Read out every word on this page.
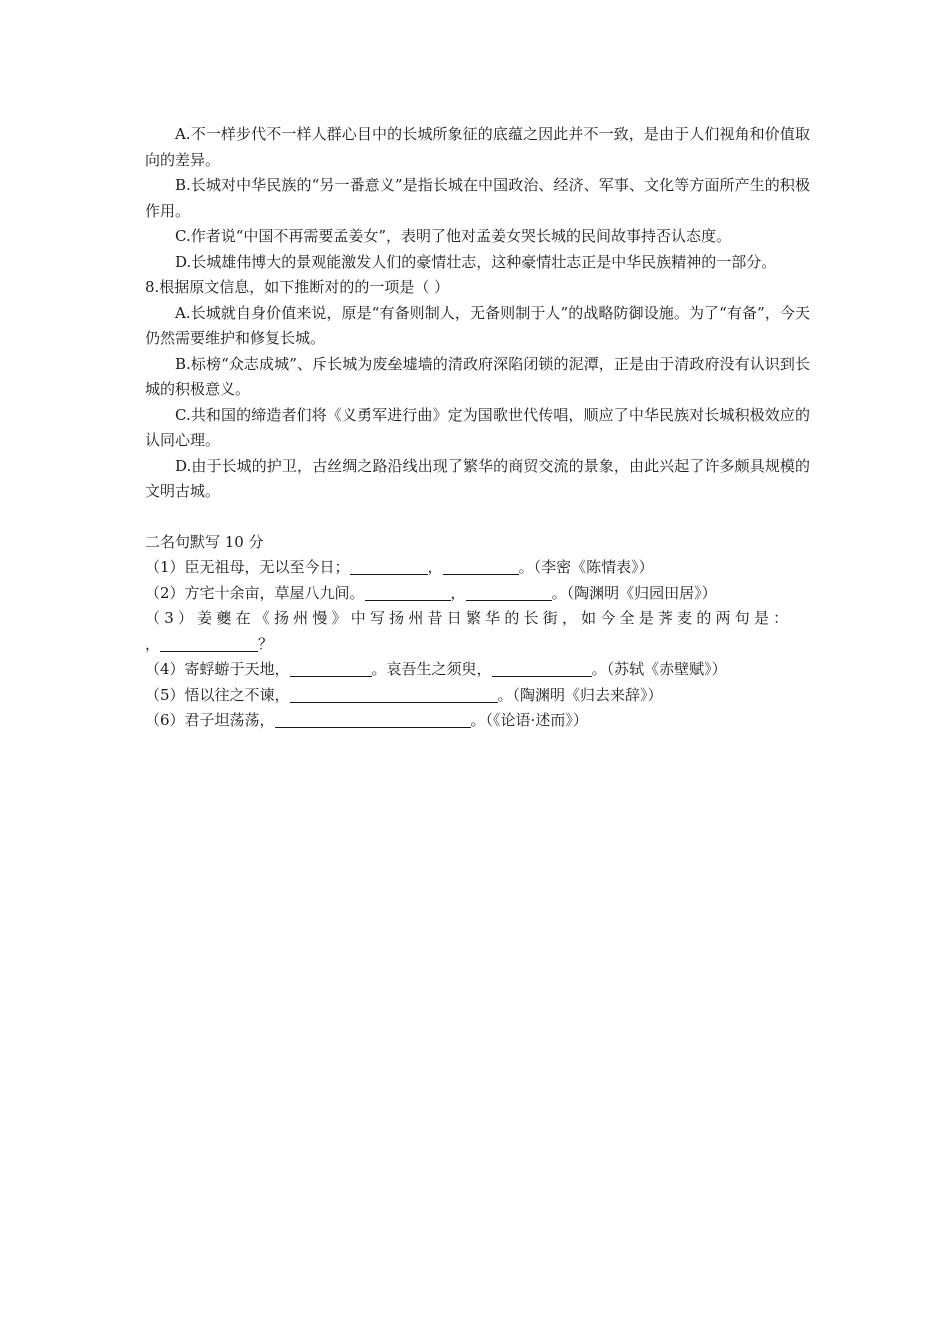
A.不一样步代不一样人群心目中的长城所象征的底蕴之因此并不一致，是由于人们视角和价值取向的差异。

B.长城对中华民族的“另一番意义”是指长城在中国政治、经济、军事、文化等方面所产生的积极作用。

C.作者说“中国不再需要孟姜女”，表明了他对孟姜女哭长城的民间故事持否认态度。

D.长城雄伟博大的景观能激发人们的豪情壮志，这种豪情壮志正是中华民族精神的一部分。

8.根据原文信息，如下推断对的的一项是（ ）

A.长城就自身价值来说，原是“有备则制人，无备则制于人”的战略防御设施。为了“有备”，今天仍然需要维护和修复长城。

B.标榜“众志成城”、斥长城为废垒墟墙的清政府深陷闭锁的泥潭，正是由于清政府没有认识到长城的积极意义。

C.共和国的缔造者们将《义勇军进行曲》定为国歌世代传唱，顺应了中华民族对长城积极效应的认同心理。

D.由于长城的护卫，古丝绸之路沿线出现了繁华的商贸交流的景象，由此兴起了许多颇具规模的文明古城。

二名句默写 10 分

（1）臣无祖母，无以至今日；	，	。（李密《陈情表》）

（2）方宅十余亩，草屋八九间。	，	。（陶渊明《归园田居》）

（3）姜夔在《扬州慢》中写扬州昔日繁华的长街，如今全是荠麦的两句是：

，	？

（4）寄蜉蝣于天地，	。哀吾生之须臾，	。（苏轼《赤壁赋》）

（5）悟以往之不谏，	。（陶渊明《归去来辞》）

（6）君子坦荡荡，	。（《论语·述而》）
